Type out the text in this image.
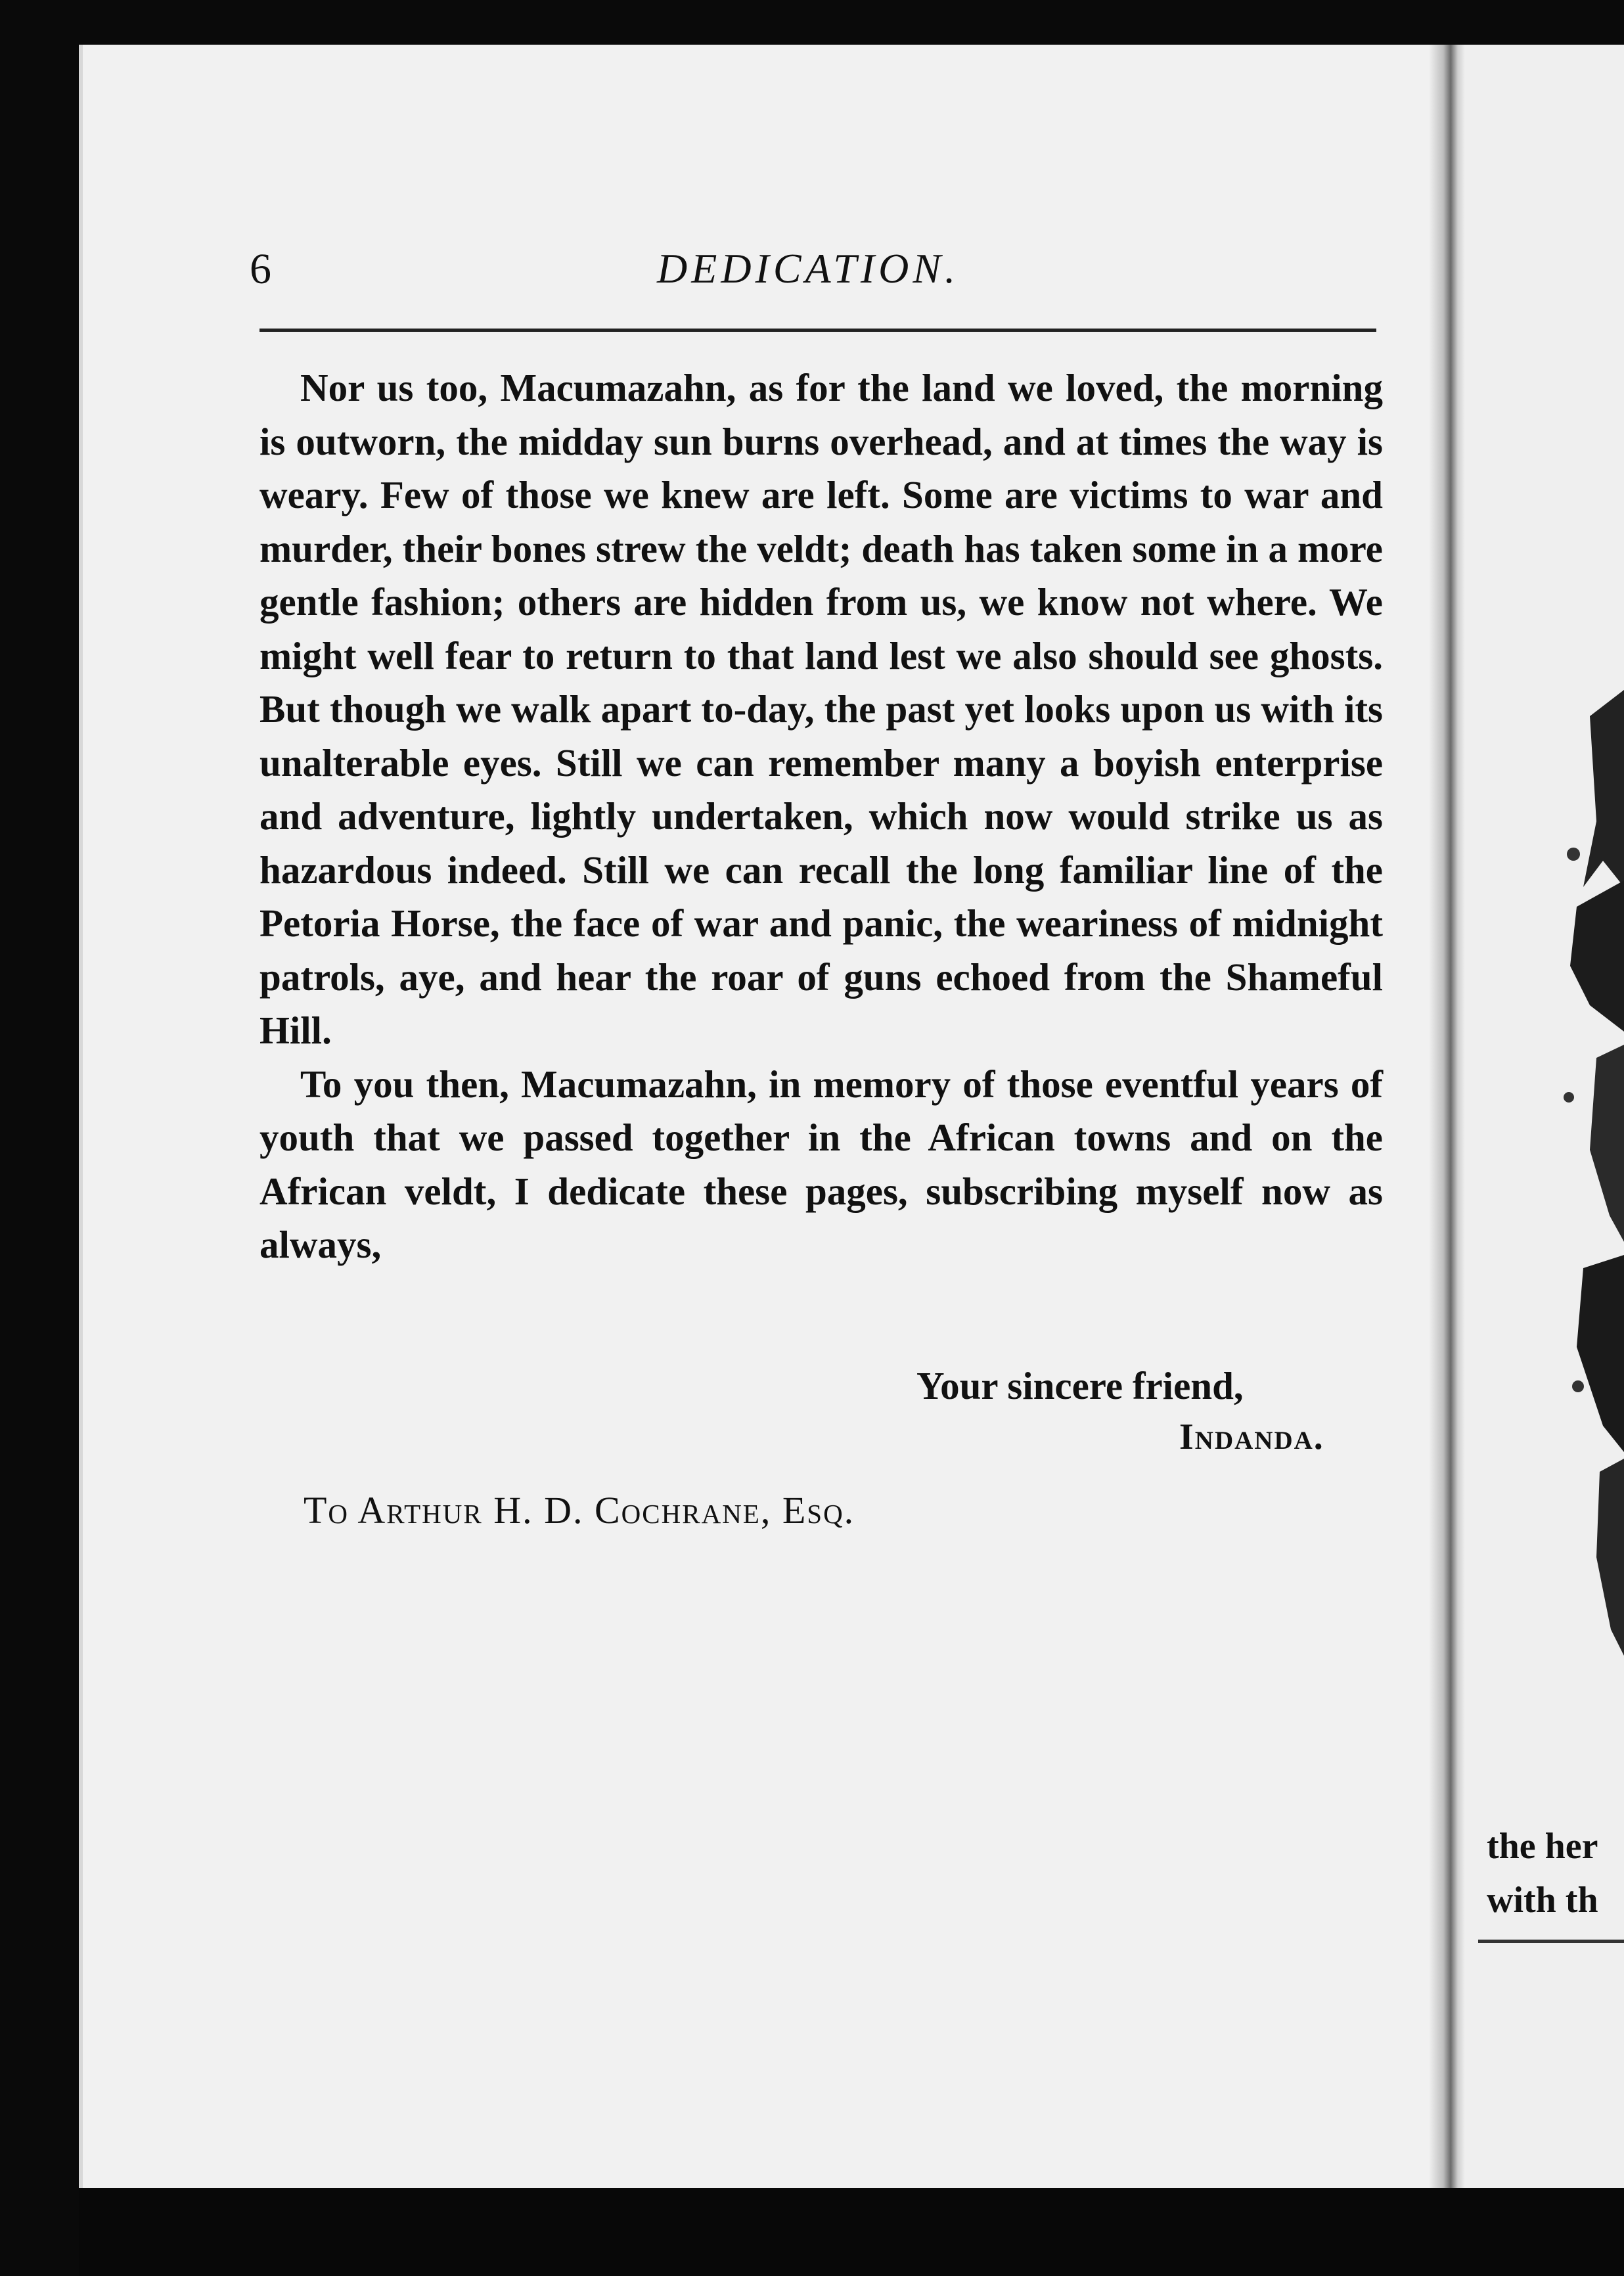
6	DEDICATION.

Nor us too, Macumazahn, as for the land we loved, the morning is outworn, the midday sun burns overhead, and at times the way is weary. Few of those we knew are left. Some are victims to war and murder, their bones strew the veldt; death has taken some in a more gentle fashion; others are hidden from us, we know not where. We might well fear to return to that land lest we also should see ghosts. But though we walk apart to-day, the past yet looks upon us with its unalterable eyes. Still we can remember many a boyish enterprise and adventure, lightly undertaken, which now would strike us as hazardous indeed. Still we can recall the long familiar line of the Petoria Horse, the face of war and panic, the weariness of midnight patrols, aye, and hear the roar of guns echoed from the Shameful Hill.

To you then, Macumazahn, in memory of those eventful years of youth that we passed together in the African towns and on the African veldt, I dedicate these pages, subscribing myself now as always,

Your sincere friend,
Indanda.
To Arthur H. D. Cochrane, Esq.
the her
with th
